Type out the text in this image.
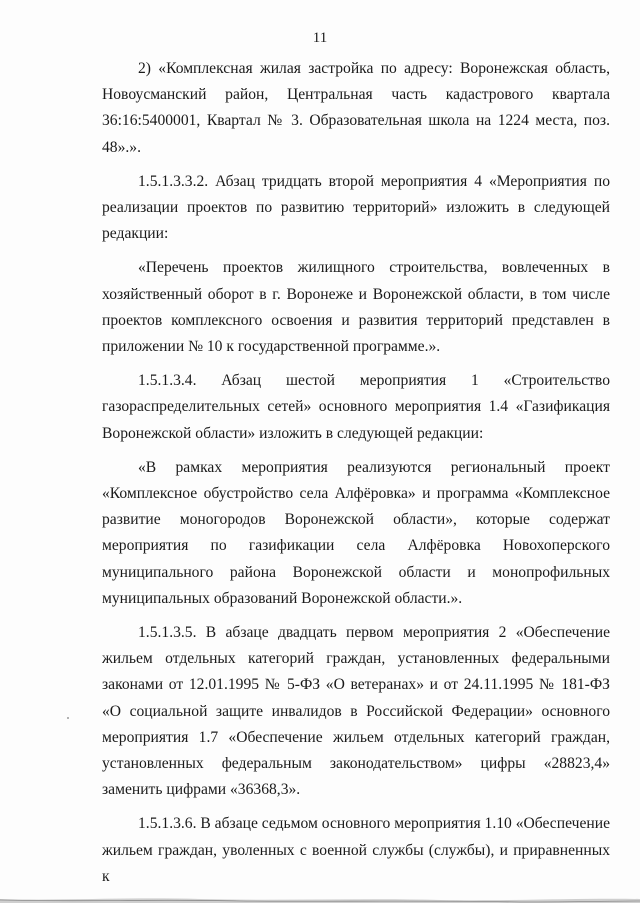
11

2) «Комплексная жилая застройка по адресу: Воронежская область, Новоусманский район, Центральная часть кадастрового квартала 36:16:5400001, Квартал № 3. Образовательная школа на 1224 места, поз. 48».».

1.5.1.3.3.2. Абзац тридцать второй мероприятия 4 «Мероприятия по реализации проектов по развитию территорий» изложить в следующей редакции:

«Перечень проектов жилищного строительства, вовлеченных в хозяйственный оборот в г. Воронеже и Воронежской области, в том числе проектов комплексного освоения и развития территорий представлен в приложении № 10 к государственной программе.».

1.5.1.3.4. Абзац шестой мероприятия 1 «Строительство газораспределительных сетей» основного мероприятия 1.4 «Газификация Воронежской области» изложить в следующей редакции:

«В рамках мероприятия реализуются региональный проект «Комплексное обустройство села Алфёровка» и программа «Комплексное развитие моногородов Воронежской области», которые содержат мероприятия по газификации села Алфёровка Новохоперского муниципального района Воронежской области и монопрофильных муниципальных образований Воронежской области.».

1.5.1.3.5. В абзаце двадцать первом мероприятия 2 «Обеспечение жильем отдельных категорий граждан, установленных федеральными законами от 12.01.1995 № 5-ФЗ «О ветеранах» и от 24.11.1995 № 181-ФЗ «О социальной защите инвалидов в Российской Федерации» основного мероприятия 1.7 «Обеспечение жильем отдельных категорий граждан, установленных федеральным законодательством» цифры «28823,4» заменить цифрами «36368,3».

1.5.1.3.6. В абзаце седьмом основного мероприятия 1.10 «Обеспечение жильем граждан, уволенных с военной службы (службы), и приравненных к
